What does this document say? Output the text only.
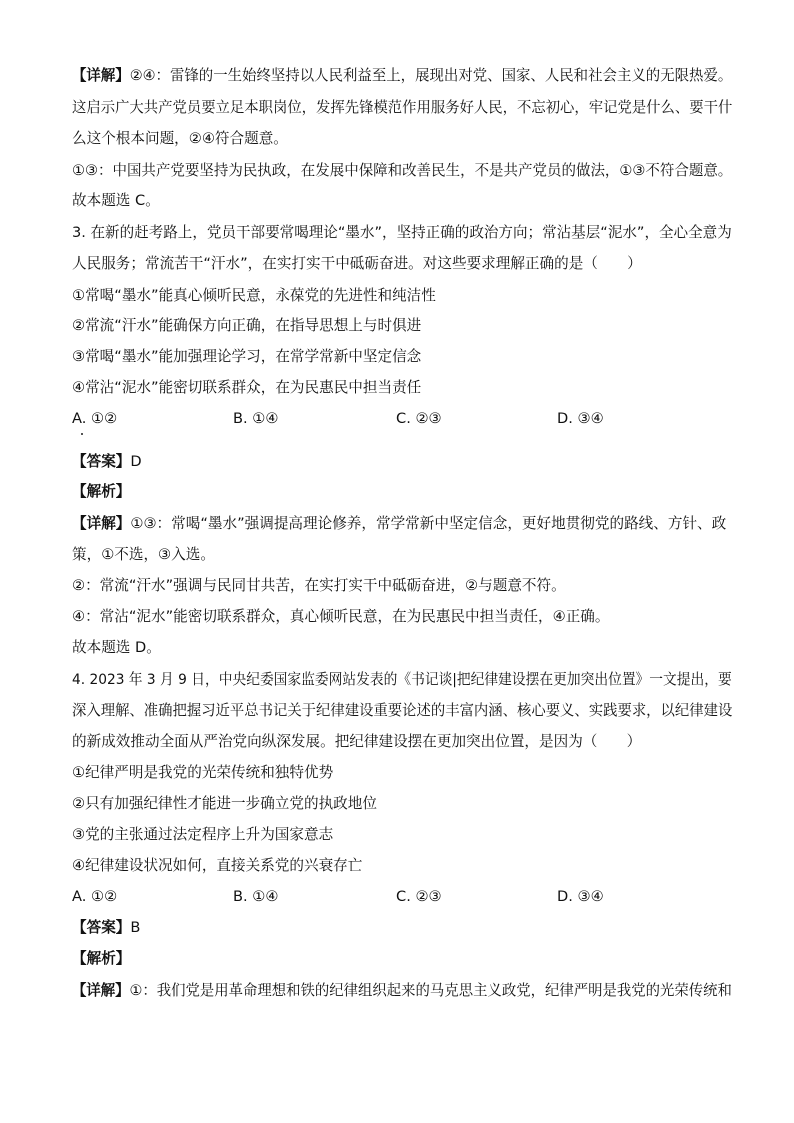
【详解】②④：雷锋的一生始终坚持以人民利益至上，展现出对党、国家、人民和社会主义的无限热爱。
这启示广大共产党员要立足本职岗位，发挥先锋模范作用服务好人民，不忘初心，牢记党是什么、要干什
么这个根本问题，②④符合题意。
①③：中国共产党要坚持为民执政，在发展中保障和改善民生，不是共产党员的做法，①③不符合题意。
故本题选 C。
3. 在新的赶考路上，党员干部要常喝理论“墨水”，坚持正确的政治方向；常沾基层“泥水”，全心全意为
人民服务；常流苦干“汗水”，在实打实干中砥砺奋进。对这些要求理解正确的是（　　）
①常喝“墨水”能真心倾听民意，永葆党的先进性和纯洁性
②常流“汗水”能确保方向正确，在指导思想上与时俱进
③常喝“墨水”能加强理论学习，在常学常新中坚定信念
④常沾“泥水”能密切联系群众，在为民惠民中担当责任
A. ①②	B. ①④	C. ②③	D. ③④
【答案】D
【解析】
【详解】①③：常喝“墨水”强调提高理论修养，常学常新中坚定信念，更好地贯彻党的路线、方针、政
策，①不选，③入选。
②：常流“汗水”强调与民同甘共苦，在实打实干中砥砺奋进，②与题意不符。
④：常沾“泥水”能密切联系群众，真心倾听民意，在为民惠民中担当责任，④正确。
故本题选 D。
4. 2023 年 3 月 9 日，中央纪委国家监委网站发表的《书记谈|把纪律建设摆在更加突出位置》一文提出，要
深入理解、准确把握习近平总书记关于纪律建设重要论述的丰富内涵、核心要义、实践要求，以纪律建设
的新成效推动全面从严治党向纵深发展。把纪律建设摆在更加突出位置，是因为（　　）
①纪律严明是我党的光荣传统和独特优势
②只有加强纪律性才能进一步确立党的执政地位
③党的主张通过法定程序上升为国家意志
④纪律建设状况如何，直接关系党的兴衰存亡
A. ①②	B. ①④	C. ②③	D. ③④
【答案】B
【解析】
【详解】①：我们党是用革命理想和铁的纪律组织起来的马克思主义政党，纪律严明是我党的光荣传统和
